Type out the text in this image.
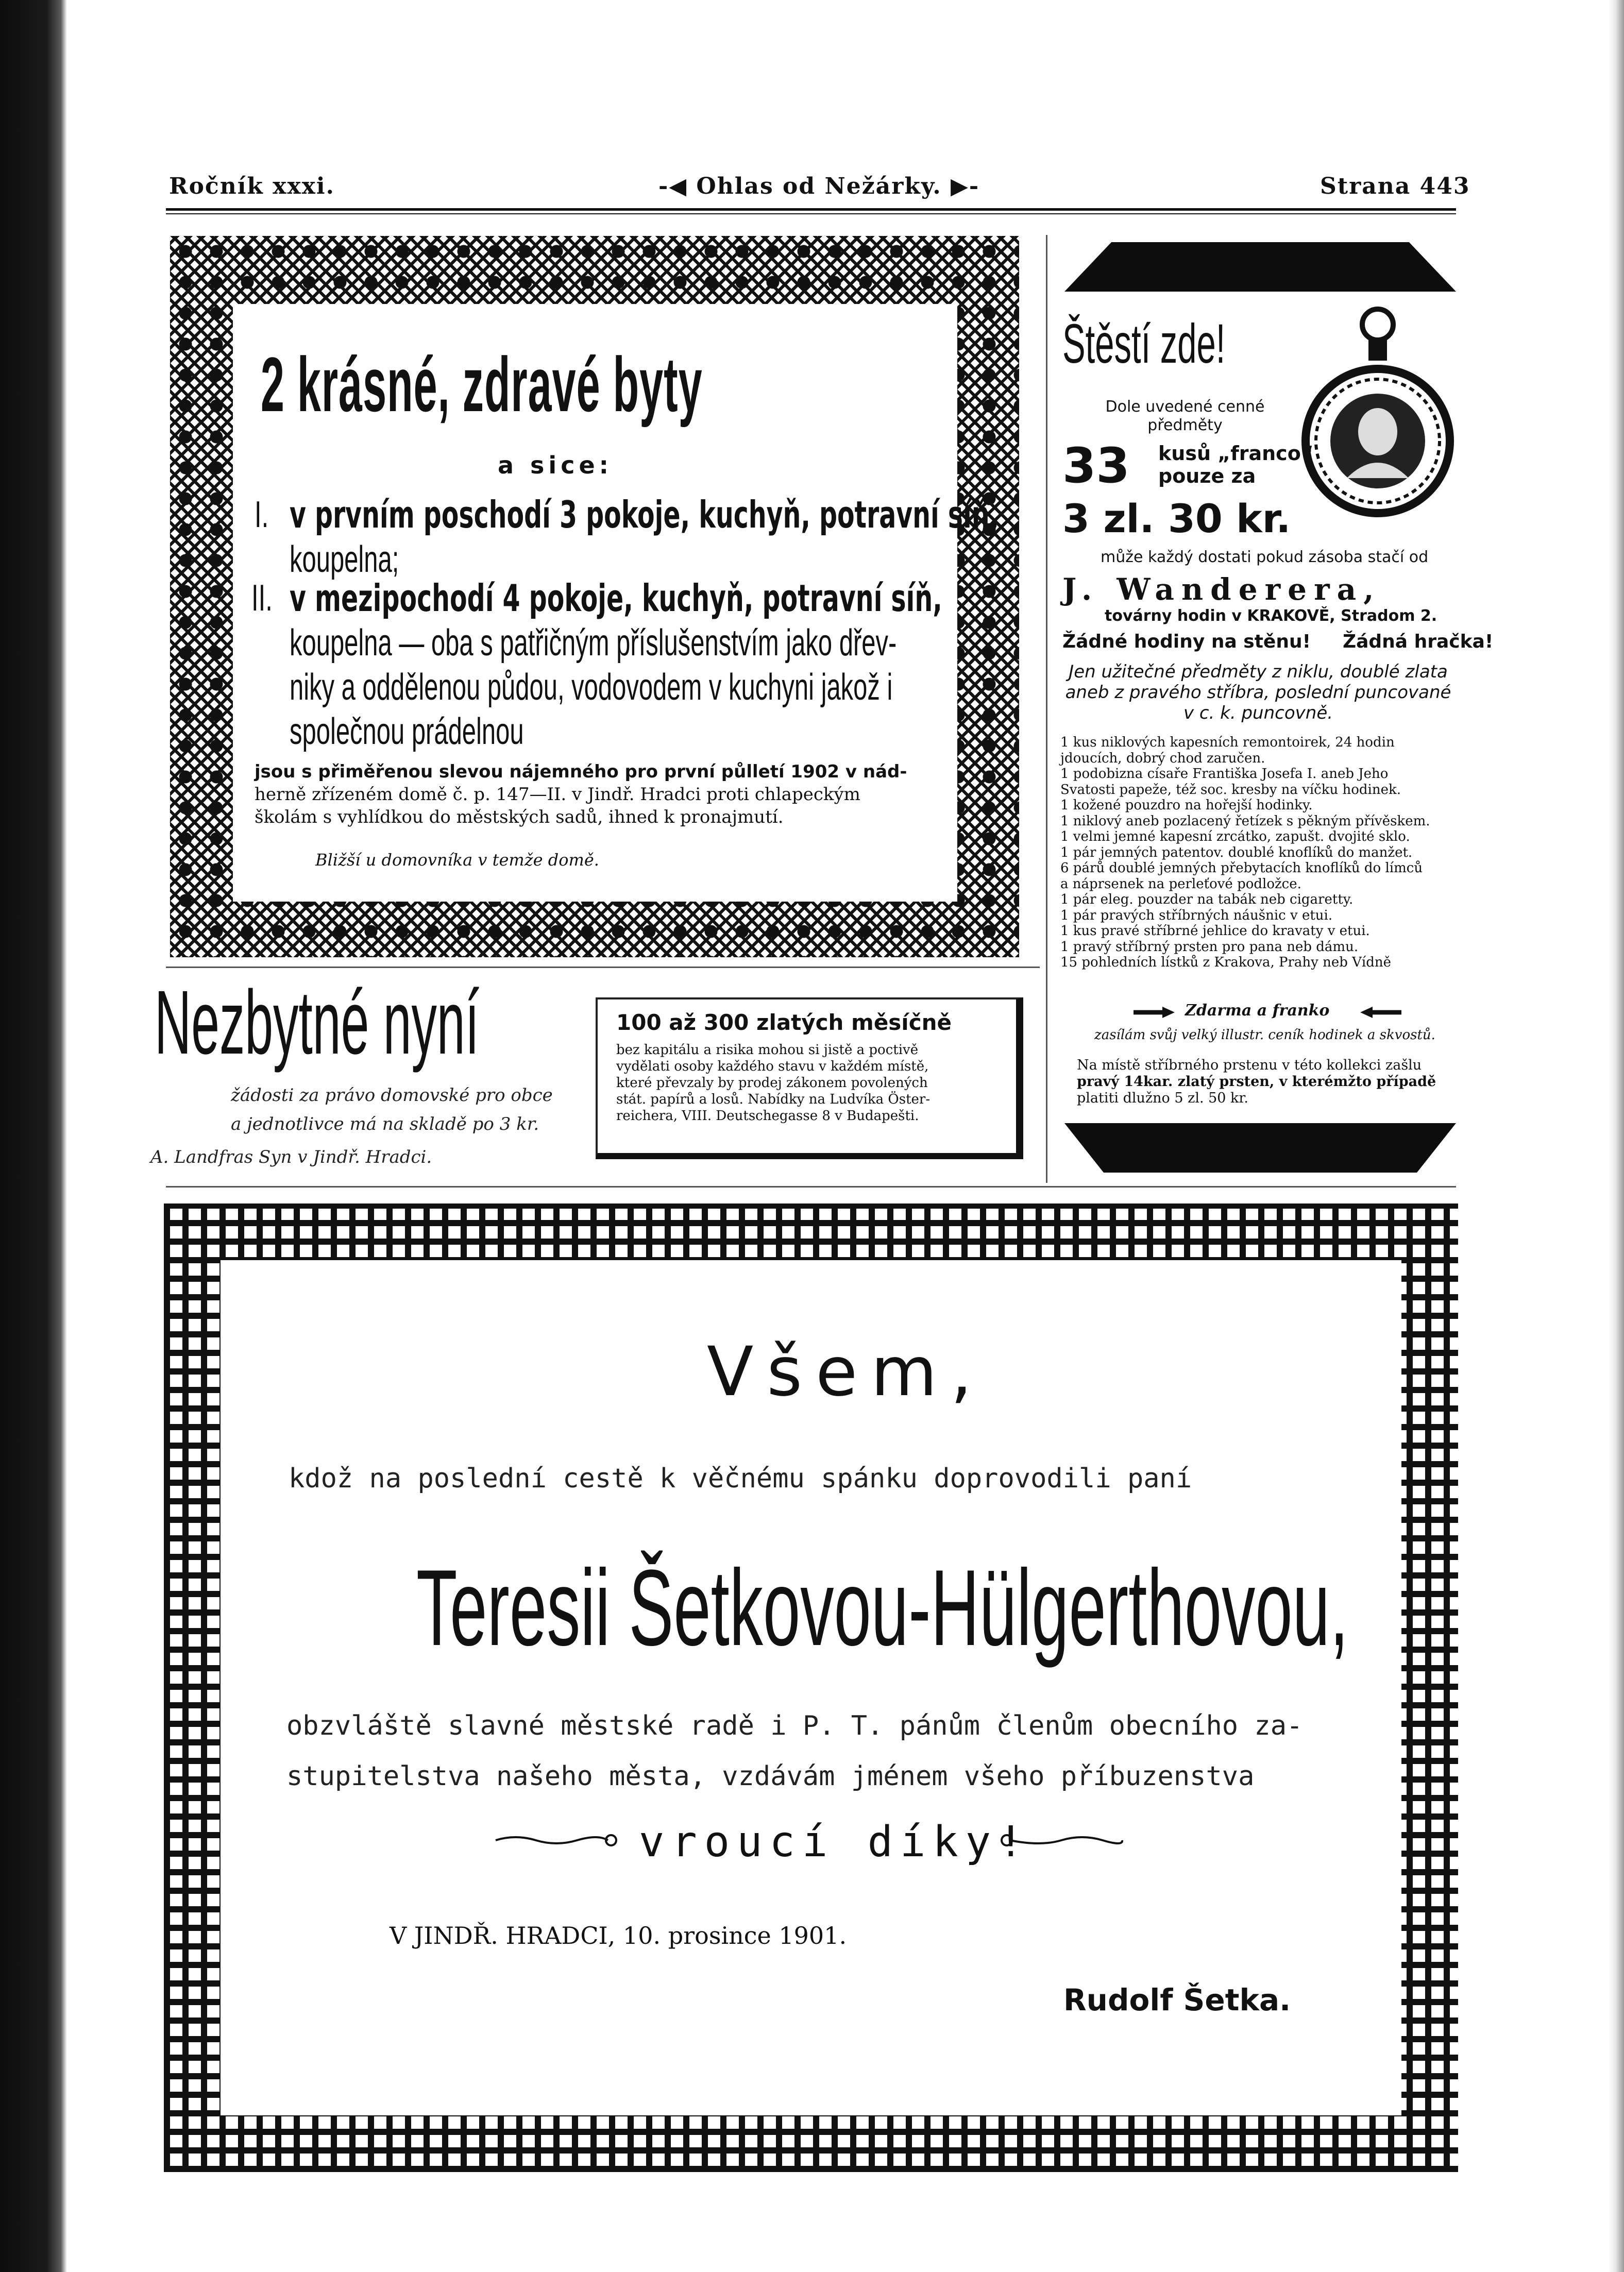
Ročník xxxi.	-◀ Ohlas od Nežárky. ▶-	Strana 443
2 krásné, zdravé byty
a sice:
I. v prvním poschodí 3 pokoje, kuchyň, potravní síň,
koupelna;
II. v mezipochodí 4 pokoje, kuchyň, potravní síň,
koupelna — oba s patřičným příslušenstvím jako dřev-
niky a oddělenou půdou, vodovodem v kuchyni jakož i
společnou prádelnou
jsou s přiměřenou slevou nájemného pro první půlletí 1902 v nád-
herně zřízeném domě č. p. 147—II. v Jindř. Hradci proti chlapeckým
školám s vyhlídkou do městských sadů, ihned k pronajmutí.
Bližší u domovníka v temže domě.
Štěstí zde!
Dole uvedené cenné
předměty
33 kusů „franco“
pouze za
3 zl. 30 kr.
může každý dostati pokud zásoba stačí od
J. Wanderera,
továrny hodin v KRAKOVĚ, Stradom 2.
Žádné hodiny na stěnu! Žádná hračka!
Jen užitečné předměty z niklu, doublé zlata
aneb z pravého stříbra, poslední puncované
v c. k. puncovně.
1 kus niklových kapesních remontoirek, 24 hodin
jdoucích, dobrý chod zaručen.
1 podobizna císaře Františka Josefa I. aneb Jeho
Svatosti papeže, též soc. kresby na víčku hodinek.
1 kožené pouzdro na hořejší hodinky.
1 niklový aneb pozlacený řetízek s pěkným přívěskem.
1 velmi jemné kapesní zrcátko, zapušt. dvojité sklo.
1 pár jemných patentov. doublé knoflíků do manžet.
6 párů doublé jemných přebytacích knoflíků do límců
a náprsenek na perleťové podložce.
1 pár eleg. pouzder na tabák neb cigaretty.
1 pár pravých stříbrných náušnic v etui.
1 kus pravé stříbrné jehlice do kravaty v etui.
1 pravý stříbrný prsten pro pana neb dámu.
15 pohledních lístků z Krakova, Prahy neb Vídně
Zdarma a franko
zasílám svůj velký illustr. ceník hodinek a skvostů.
Na místě stříbrného prstenu v této kollekci zašlu
pravý 14kar. zlatý prsten, v kterémžto případě
platiti dlužno 5 zl. 50 kr.
Nezbytné nyní
žádosti za právo domovské pro obce
a jednotlivce má na skladě po 3 kr.
A. Landfras Syn v Jindř. Hradci.
100 až 300 zlatých měsíčně
bez kapitálu a risika mohou si jistě a poctivě
vydělati osoby každého stavu v každém místě,
které převzaly by prodej zákonem povolených
stát. papírů a losů. Nabídky na Ludvíka Öster-
reichera, VIII. Deutschegasse 8 v Budapešti.
Všem,
kdož na poslední cestě k věčnému spánku doprovodili paní
Teresii Šetkovou-Hülgerthovou,
obzvláště slavné městské radě i P. T. pánům členům obecního za-
stupitelstva našeho města, vzdávám jménem všeho příbuzenstva
vroucí díky!
V JINDŘ. HRADCI, 10. prosince 1901.
Rudolf Šetka.
